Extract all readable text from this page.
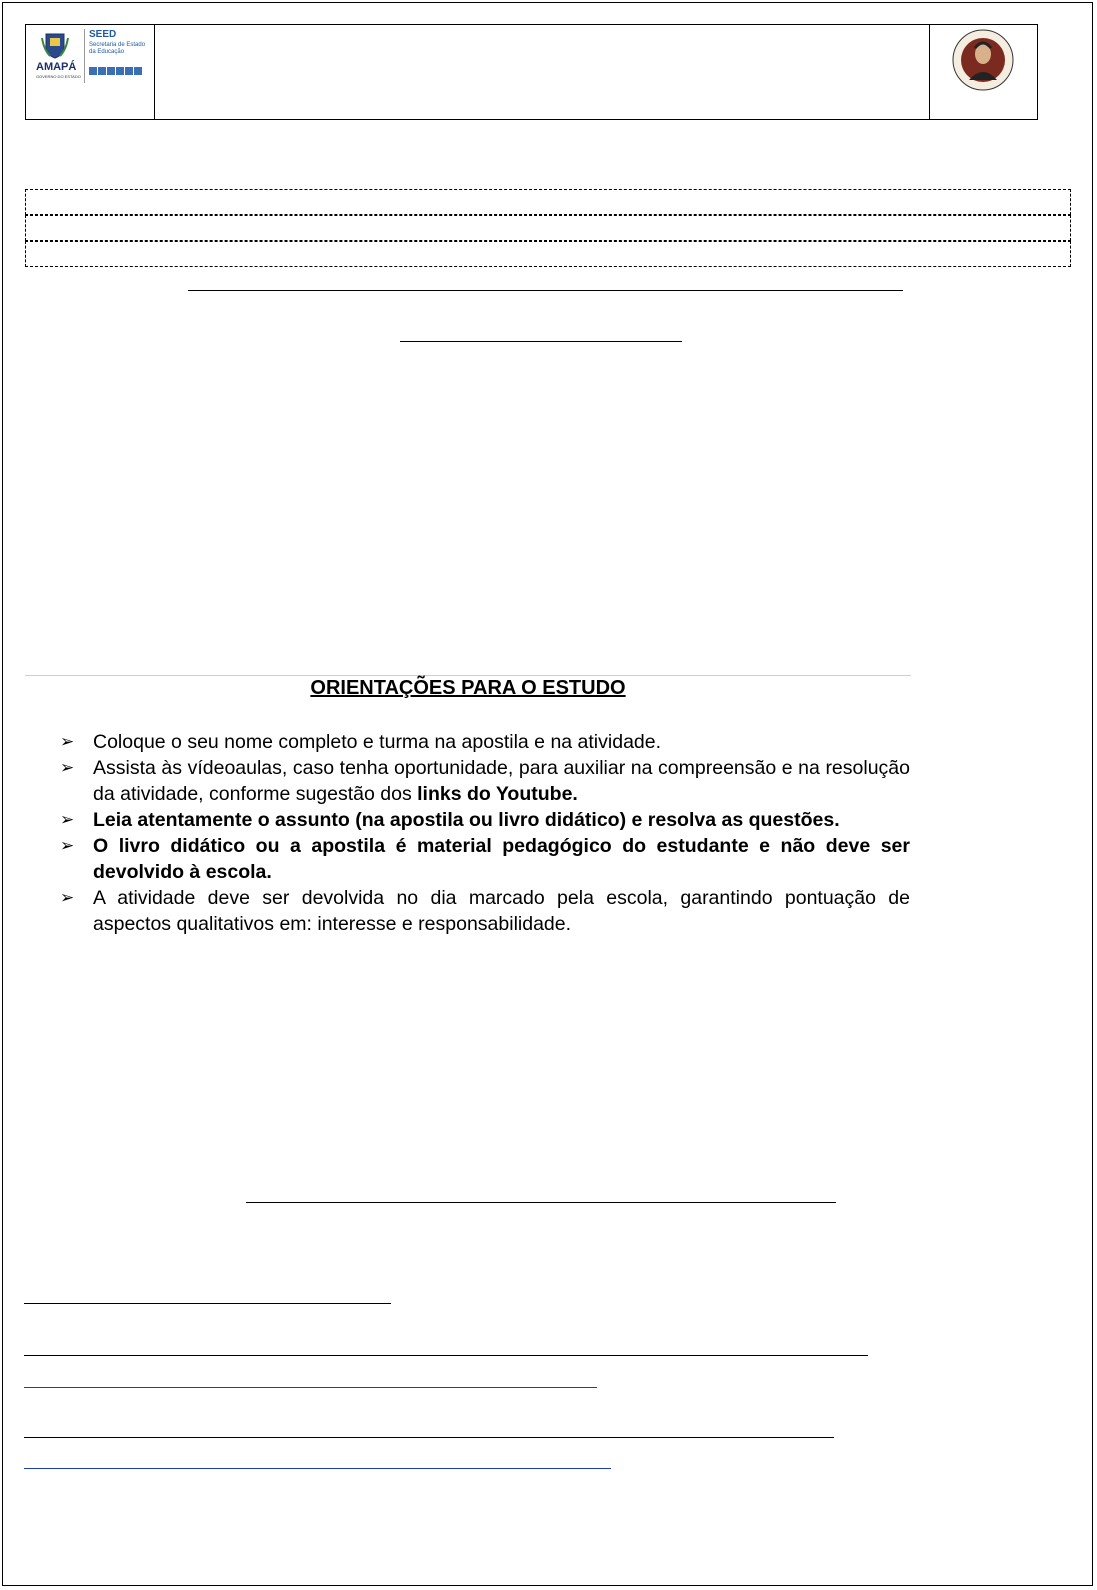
AMAPÁ
GOVERNO DO ESTADO
SEED
Secretaria de Estado da Educação
ORIENTAÇÕES PARA O ESTUDO
➢ Coloque o seu nome completo e turma na apostila e na atividade.
➢ Assista às vídeoaulas, caso tenha oportunidade, para auxiliar na compreensão e na resolução da atividade, conforme sugestão dos links do Youtube.
➢ Leia atentamente o assunto (na apostila ou livro didático) e resolva as questões.
➢ O livro didático ou a apostila é material pedagógico do estudante e não deve ser devolvido à escola.
➢ A atividade deve ser devolvida no dia marcado pela escola, garantindo pontuação de aspectos qualitativos em: interesse e responsabilidade.
